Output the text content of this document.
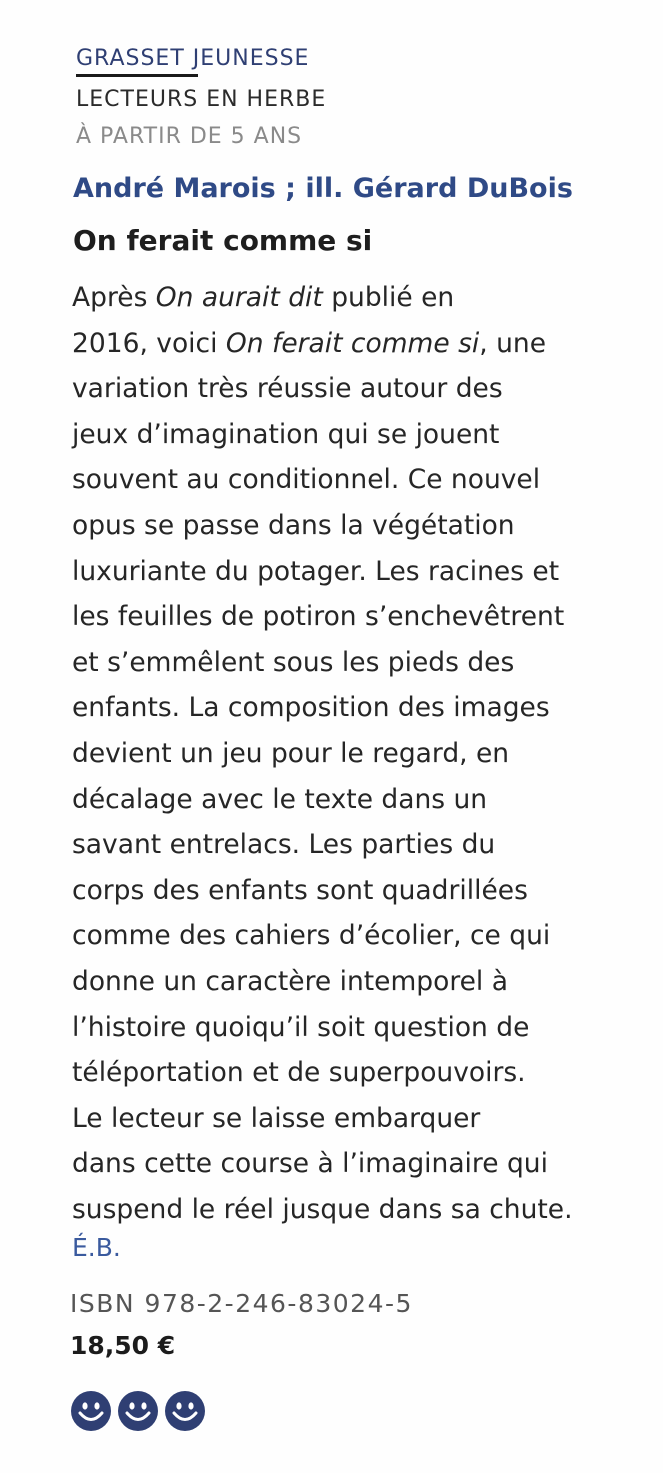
GRASSET JEUNESSE
LECTEURS EN HERBE
À PARTIR DE 5 ANS
André Marois ; ill. Gérard DuBois
On ferait comme si
Après On aurait dit publié en
2016, voici On ferait comme si, une
variation très réussie autour des
jeux d’imagination qui se jouent
souvent au conditionnel. Ce nouvel
opus se passe dans la végétation
luxuriante du potager. Les racines et
les feuilles de potiron s’enchevêtrent
et s’emmêlent sous les pieds des
enfants. La composition des images
devient un jeu pour le regard, en
décalage avec le texte dans un
savant entrelacs. Les parties du
corps des enfants sont quadrillées
comme des cahiers d’écolier, ce qui
donne un caractère intemporel à
l’histoire quoiqu’il soit question de
téléportation et de superpouvoirs.
Le lecteur se laisse embarquer
dans cette course à l’imaginaire qui
suspend le réel jusque dans sa chute.
É.B.
ISBN 978-2-246-83024-5
18,50 €
